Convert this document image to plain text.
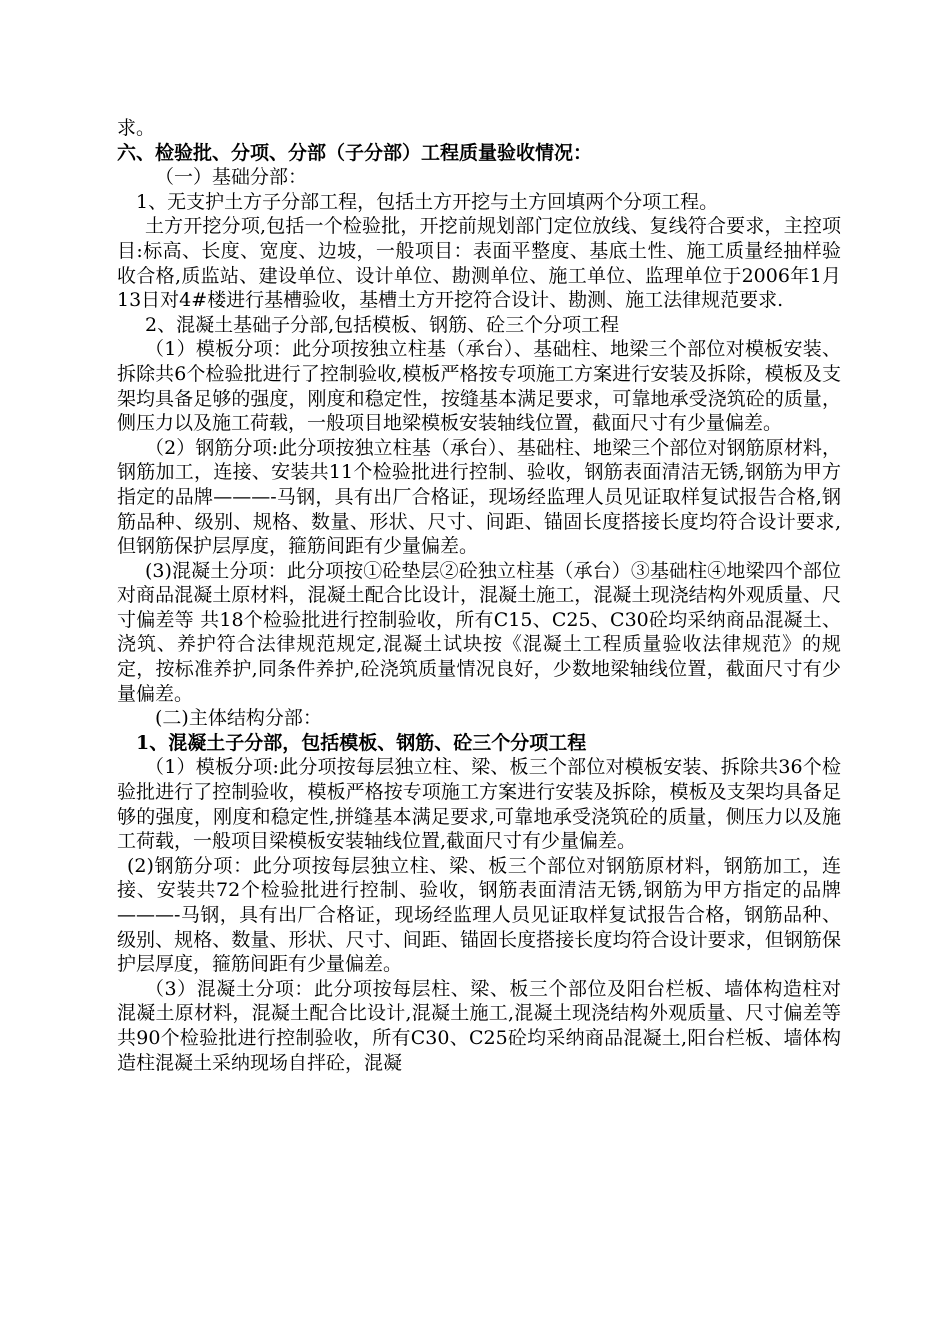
求。

六、检验批、分项、分部（子分部）工程质量验收情况：

（一）基础分部：

1、无支护土方子分部工程，包括土方开挖与土方回填两个分项工程。

土方开挖分项,包括一个检验批，开挖前规划部门定位放线、复线符合要求，主控项目:标高、长度、宽度、边坡，一般项目：表面平整度、基底土性、施工质量经抽样验收合格,质监站、建设单位、设计单位、勘测单位、施工单位、监理单位于2006年1月13日对4#楼进行基槽验收，基槽土方开挖符合设计、勘测、施工法律规范要求.

2、混凝土基础子分部,包括模板、钢筋、砼三个分项工程

（1）模板分项：此分项按独立柱基（承台）、基础柱、地梁三个部位对模板安装、拆除共6个检验批进行了控制验收,模板严格按专项施工方案进行安装及拆除，模板及支架均具备足够的强度，刚度和稳定性，按缝基本满足要求，可靠地承受浇筑砼的质量，侧压力以及施工荷载，一般项目地梁模板安装轴线位置，截面尺寸有少量偏差。

（2）钢筋分项:此分项按独立柱基（承台）、基础柱、地梁三个部位对钢筋原材料，钢筋加工，连接、安装共11个检验批进行控制、验收，钢筋表面清洁无锈,钢筋为甲方指定的品牌———-马钢，具有出厂合格证，现场经监理人员见证取样复试报告合格,钢筋品种、级别、规格、数量、形状、尺寸、间距、锚固长度搭接长度均符合设计要求,但钢筋保护层厚度，箍筋间距有少量偏差。

(3)混凝土分项：此分项按①砼垫层②砼独立柱基（承台）③基础柱④地梁四个部位对商品混凝土原材料，混凝土配合比设计，混凝土施工，混凝土现浇结构外观质量、尺寸偏差等 共18个检验批进行控制验收，所有C15、C25、C30砼均采纳商品混凝土、浇筑、养护符合法律规范规定,混凝土试块按《混凝土工程质量验收法律规范》的规定，按标准养护,同条件养护,砼浇筑质量情况良好，少数地梁轴线位置，截面尺寸有少量偏差。

(二)主体结构分部：

1、混凝土子分部，包括模板、钢筋、砼三个分项工程

（1）模板分项:此分项按每层独立柱、梁、板三个部位对模板安装、拆除共36个检验批进行了控制验收，模板严格按专项施工方案进行安装及拆除，模板及支架均具备足够的强度，刚度和稳定性,拼缝基本满足要求,可靠地承受浇筑砼的质量，侧压力以及施工荷载，一般项目梁模板安装轴线位置,截面尺寸有少量偏差。

(2)钢筋分项：此分项按每层独立柱、梁、板三个部位对钢筋原材料，钢筋加工，连接、安装共72个检验批进行控制、验收，钢筋表面清洁无锈,钢筋为甲方指定的品牌———-马钢，具有出厂合格证，现场经监理人员见证取样复试报告合格，钢筋品种、级别、规格、数量、形状、尺寸、间距、锚固长度搭接长度均符合设计要求，但钢筋保护层厚度，箍筋间距有少量偏差。

（3）混凝土分项：此分项按每层柱、梁、板三个部位及阳台栏板、墙体构造柱对混凝土原材料，混凝土配合比设计,混凝土施工,混凝土现浇结构外观质量、尺寸偏差等共90个检验批进行控制验收，所有C30、C25砼均采纳商品混凝土,阳台栏板、墙体构造柱混凝土采纳现场自拌砼，混凝
